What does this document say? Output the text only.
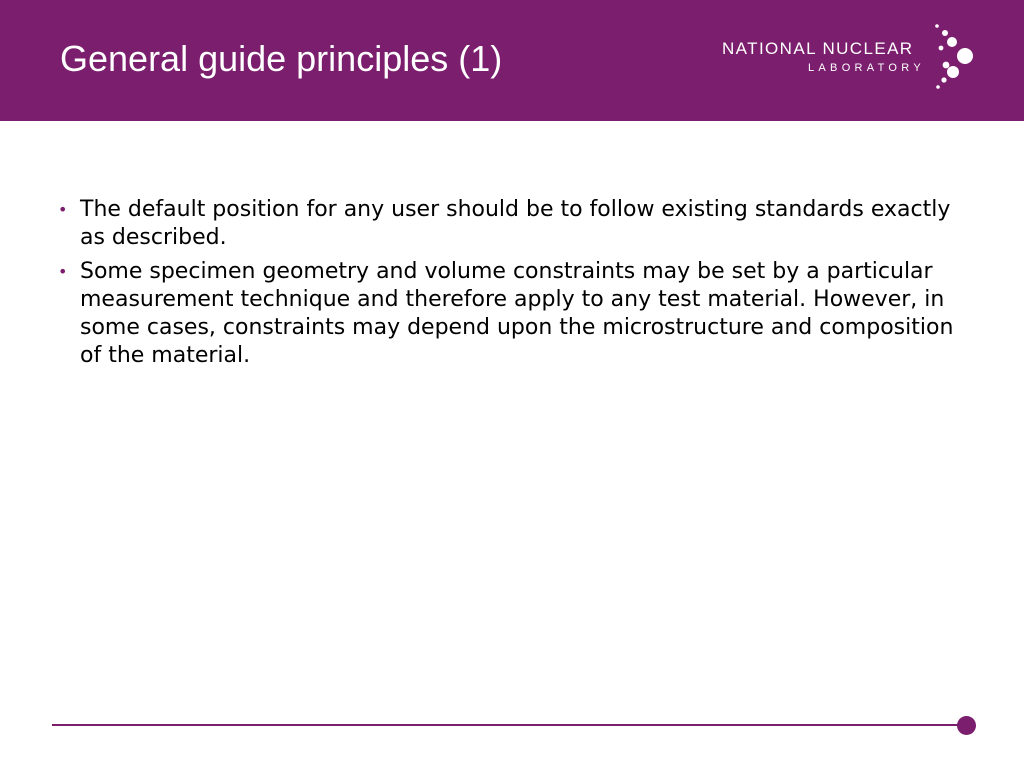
General guide principles (1)	NATIONAL NUCLEAR
LABORATORY
• The default position for any user should be to follow existing standards exactly as described.
• Some specimen geometry and volume constraints may be set by a particular measurement technique and therefore apply to any test material. However, in some cases, constraints may depend upon the microstructure and composition of the material.
